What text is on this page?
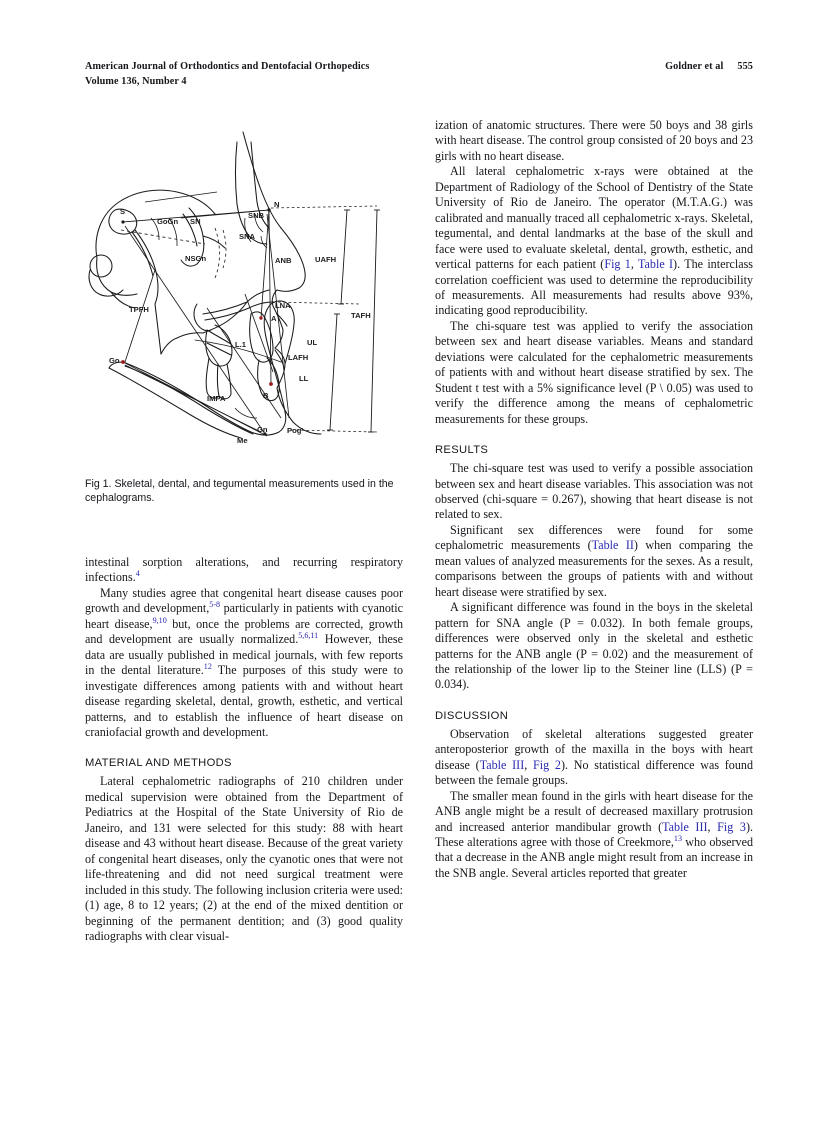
American Journal of Orthodontics and Dentofacial Orthopedics
Volume 136, Number 4
Goldner et al 555
S
GoGn SN
NSGn
TPFH
Go
N
SNB
SNA
ANB
LNA
A
B
L.1
IMPA
Gn
Me
Pog'
UL
LL
UAFH
TAFH
LAFH
Fig 1. Skeletal, dental, and tegumental measurements used in the cephalograms.

intestinal sorption alterations, and recurring respiratory infections.$^4$

Many studies agree that congenital heart disease causes poor growth and development,$^{5-8}$ particularly in patients with cyanotic heart disease,$^{9,10}$ but, once the problems are corrected, growth and development are usually normalized.$^{5,6,11}$ However, these data are usually published in medical journals, with few reports in the dental literature.$^{12}$ The purposes of this study were to investigate differences among patients with and without heart disease regarding skeletal, dental, growth, esthetic, and vertical patterns, and to establish the influence of heart disease on craniofacial growth and development.

MATERIAL AND METHODS

Lateral cephalometric radiographs of 210 children under medical supervision were obtained from the Department of Pediatrics at the Hospital of the State University of Rio de Janeiro, and 131 were selected for this study: 88 with heart disease and 43 without heart disease. Because of the great variety of congenital heart diseases, only the cyanotic ones that were not life-threatening and did not need surgical treatment were included in this study. The following inclusion criteria were used: (1) age, 8 to 12 years; (2) at the end of the mixed dentition or beginning of the permanent dentition; and (3) good quality radiographs with clear visual-

ization of anatomic structures. There were 50 boys and 38 girls with heart disease. The control group consisted of 20 boys and 23 girls with no heart disease.

All lateral cephalometric x-rays were obtained at the Department of Radiology of the School of Dentistry of the State University of Rio de Janeiro. The operator (M.T.A.G.) was calibrated and manually traced all cephalometric x-rays. Skeletal, tegumental, and dental landmarks at the base of the skull and face were used to evaluate skeletal, dental, growth, esthetic, and vertical patterns for each patient (Fig 1, Table I). The interclass correlation coefficient was used to determine the reproducibility of measurements. All measurements had results above 93%, indicating good reproducibility.

The chi-square test was applied to verify the association between sex and heart disease variables. Means and standard deviations were calculated for the cephalometric measurements of patients with and without heart disease stratified by sex. The Student t test with a 5% significance level (P \ 0.05) was used to verify the difference among the means of cephalometric measurements for these groups.

RESULTS

The chi-square test was used to verify a possible association between sex and heart disease variables. This association was not observed (chi-square = 0.267), showing that heart disease is not related to sex.

Significant sex differences were found for some cephalometric measurements (Table II) when comparing the mean values of analyzed measurements for the sexes. As a result, comparisons between the groups of patients with and without heart disease were stratified by sex.

A significant difference was found in the boys in the skeletal pattern for SNA angle (P = 0.032). In both female groups, differences were observed only in the skeletal and esthetic patterns for the ANB angle (P = 0.02) and the measurement of the relationship of the lower lip to the Steiner line (LLS) (P = 0.034).

DISCUSSION

Observation of skeletal alterations suggested greater anteroposterior growth of the maxilla in the boys with heart disease (Table III, Fig 2). No statistical difference was found between the female groups.

The smaller mean found in the girls with heart disease for the ANB angle might be a result of decreased maxillary protrusion and increased anterior mandibular growth (Table III, Fig 3). These alterations agree with those of Creekmore,$^{13}$ who observed that a decrease in the ANB angle might result from an increase in the SNB angle. Several articles reported that greater
